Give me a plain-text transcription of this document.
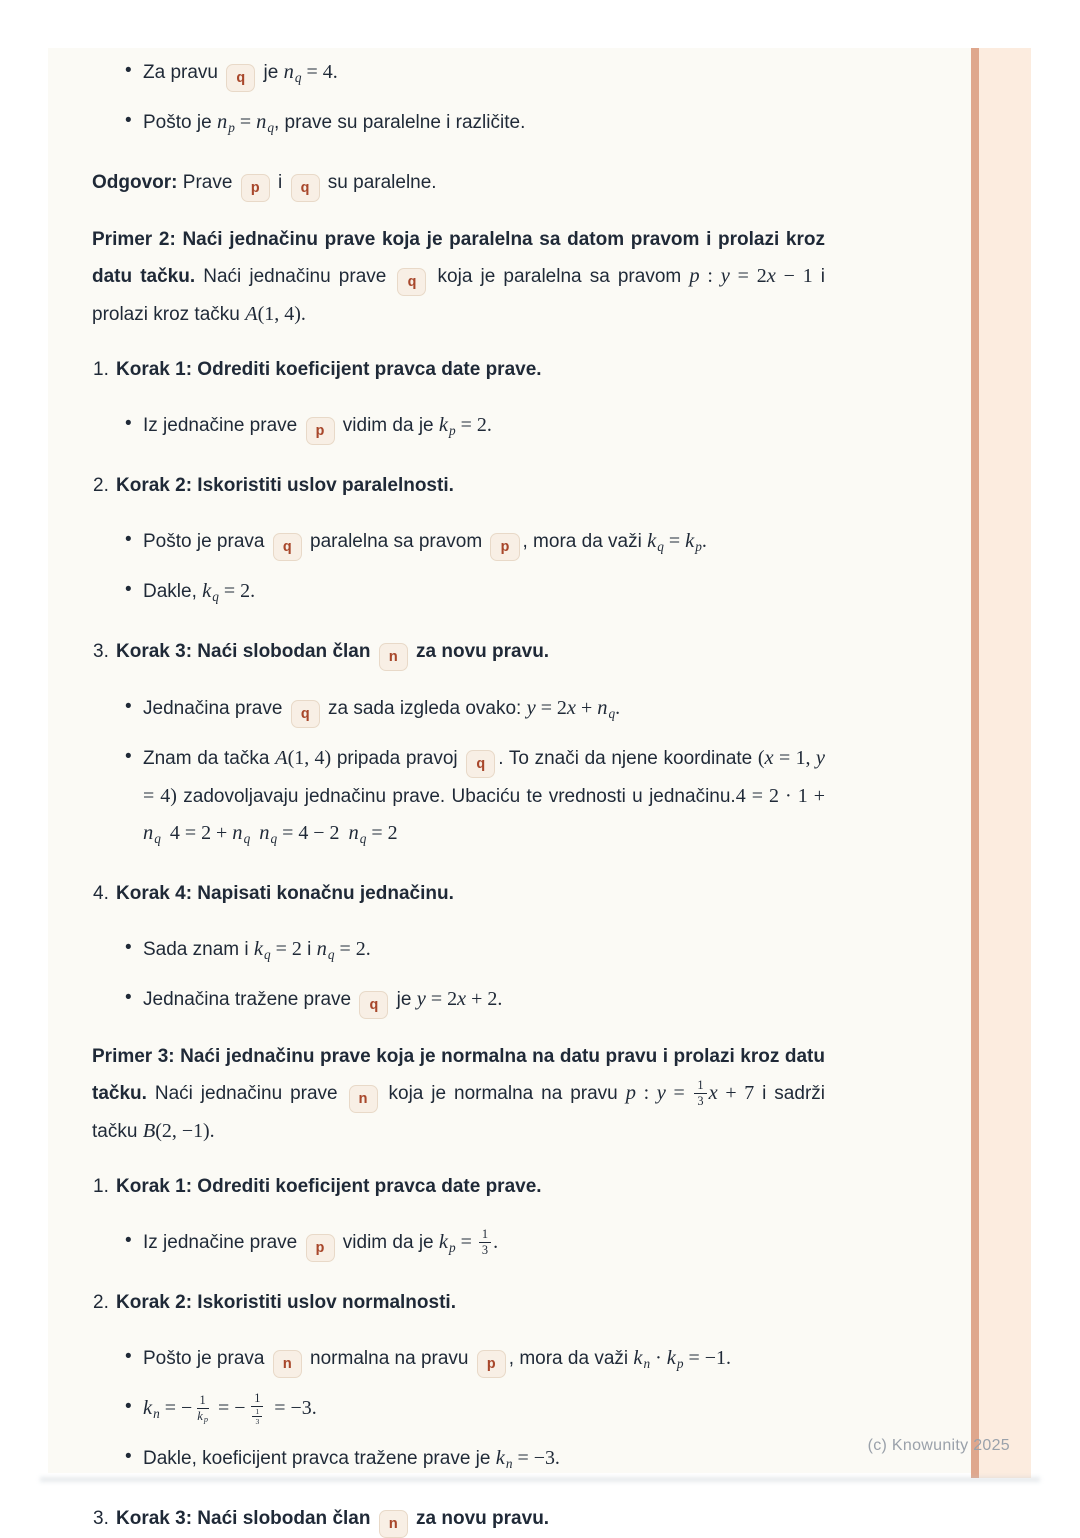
• Za pravu q je $n_q = 4$.
• Pošto je $n_p = n_q$, prave su paralelne i različite.
Odgovor: Prave p i q su paralelne.
Primer 2: Naći jednačinu prave koja je paralelna sa datom pravom i prolazi kroz datu tačku. Naći jednačinu prave q koja je paralelna sa pravom p : y = 2x − 1 i prolazi kroz tačku A(1, 4).
1. Korak 1: Odrediti koeficijent pravca date prave.
• Iz jednačine prave p vidim da je $k_p = 2$.
2. Korak 2: Iskoristiti uslov paralelnosti.
• Pošto je prava q paralelna sa pravom p , mora da važi $k_q = k_p$.
• Dakle, $k_q = 2$.
3. Korak 3: Naći slobodan član n za novu pravu.
• Jednačina prave q za sada izgleda ovako: $y = 2x + n_q$.
• Znam da tačka A(1, 4) pripada pravoj q . To znači da njene koordinate (x = 1, y = 4) zadovoljavaju jednačinu prave. Ubaciću te vrednosti u jednačinu.4 = $2 \cdot 1 + n_q$ $4 = 2 + n_q$ $n_q = 4 - 2$ $n_q = 2$
4. Korak 4: Napisati konačnu jednačinu.
• Sada znam i $k_q = 2$ i $n_q = 2$.
• Jednačina tražene prave q je y = 2x + 2.
Primer 3: Naći jednačinu prave koja je normalna na datu pravu i prolazi kroz datu tačku. Naći jednačinu prave n koja je normalna na pravu p : $y = \frac{1}{3}$ x + 7 i sadrži tačku B(2, −1).
1. Korak 1: Odrediti koeficijent pravca date prave.
• Iz jednačine prave p vidim da je $k_p = \frac{1}{3}$ .
2. Korak 2: Iskoristiti uslov normalnosti.
• Pošto je prava n normalna na pravu p , mora da važi $k_n \cdot k_p = -1$.
• $k_n$ = − $\frac{1}{k_p}$ = − $\frac{1}{\frac{1}{3}} = -3$.
• Dakle, koeficijent pravca tražene prave je $k_n = -3$.
3. Korak 3: Naći slobodan član n za novu pravu.
(c) Knowunity 2025
